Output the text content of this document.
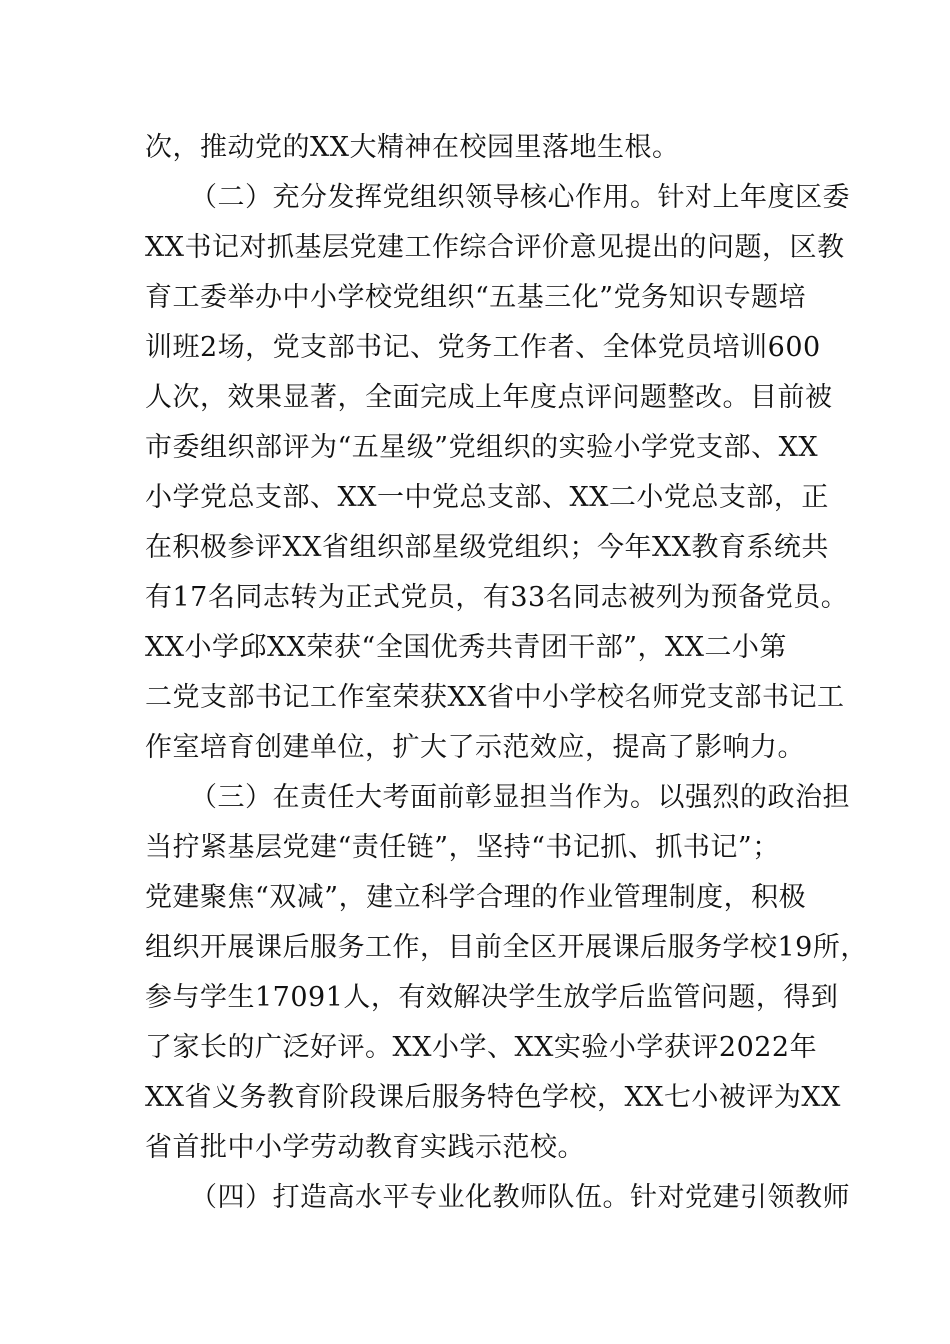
次，推动党的XX大精神在校园里落地生根。
（二）充分发挥党组织领导核心作用。针对上年度区委
XX书记对抓基层党建工作综合评价意见提出的问题，区教
育工委举办中小学校党组织“五基三化”党务知识专题培
训班2场，党支部书记、党务工作者、全体党员培训600
人次，效果显著，全面完成上年度点评问题整改。目前被
市委组织部评为“五星级”党组织的实验小学党支部、XX
小学党总支部、XX一中党总支部、XX二小党总支部，正
在积极参评XX省组织部星级党组织；今年XX教育系统共
有17名同志转为正式党员，有33名同志被列为预备党员。
XX小学邱XX荣获“全国优秀共青团干部”，XX二小第
二党支部书记工作室荣获XX省中小学校名师党支部书记工
作室培育创建单位，扩大了示范效应，提高了影响力。
（三）在责任大考面前彰显担当作为。以强烈的政治担
当拧紧基层党建“责任链”，坚持“书记抓、抓书记”；
党建聚焦“双减”，建立科学合理的作业管理制度，积极
组织开展课后服务工作，目前全区开展课后服务学校19所，
参与学生17091人，有效解决学生放学后监管问题，得到
了家长的广泛好评。XX小学、XX实验小学获评2022年
XX省义务教育阶段课后服务特色学校，XX七小被评为XX
省首批中小学劳动教育实践示范校。
（四）打造高水平专业化教师队伍。针对党建引领教师
